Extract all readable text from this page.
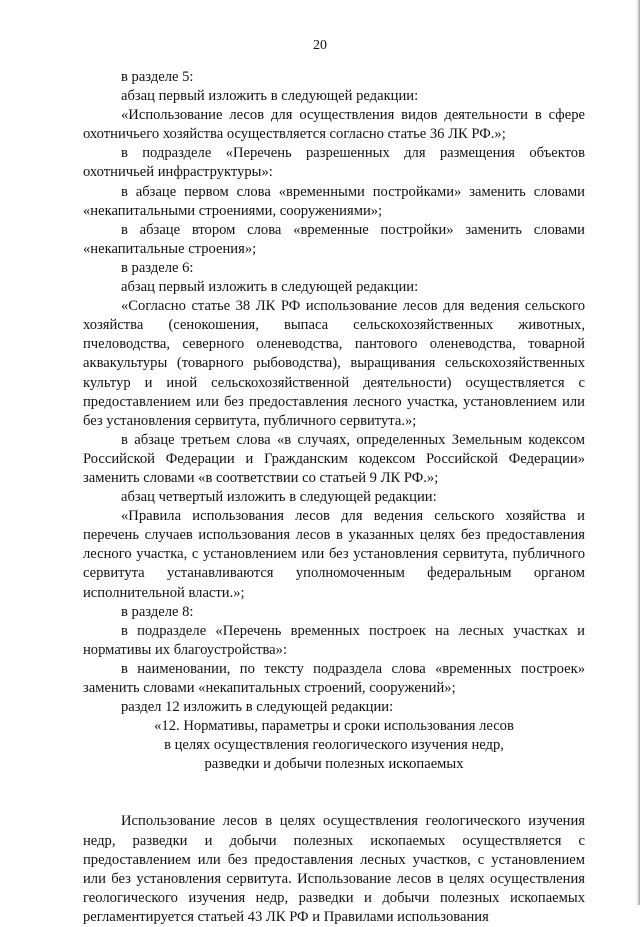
20

в разделе 5:

абзац первый изложить в следующей редакции:

«Использование лесов для осуществления видов деятельности в сфере охотничьего хозяйства осуществляется согласно статье 36 ЛК РФ.»;

в подразделе «Перечень разрешенных для размещения объектов охотничьей инфраструктуры»:

в абзаце первом слова «временными постройками» заменить словами «некапитальными строениями, сооружениями»;

в абзаце втором слова «временные постройки» заменить словами «некапитальные строения»;

в разделе 6:

абзац первый изложить в следующей редакции:

«Согласно статье 38 ЛК РФ использование лесов для ведения сельского хозяйства (сенокошения, выпаса сельскохозяйственных животных, пчеловодства, северного оленеводства, пантового оленеводства, товарной аквакультуры (товарного рыбоводства), выращивания сельскохозяйственных культур и иной сельскохозяйственной деятельности) осуществляется с предоставлением или без предоставления лесного участка, установлением или без установления сервитута, публичного сервитута.»;

в абзаце третьем слова «в случаях, определенных Земельным кодексом Российской Федерации и Гражданским кодексом Российской Федерации» заменить словами «в соответствии со статьей 9 ЛК РФ.»;

абзац четвертый изложить в следующей редакции:

«Правила использования лесов для ведения сельского хозяйства и перечень случаев использования лесов в указанных целях без предоставления лесного участка, с установлением или без установления сервитута, публичного сервитута устанавливаются уполномоченным федеральным органом исполнительной власти.»;

в разделе 8:

в подразделе «Перечень временных построек на лесных участках и нормативы их благоустройства»:

в наименовании, по тексту подраздела слова «временных построек» заменить словами «некапитальных строений, сооружений»;

раздел 12 изложить в следующей редакции:

«12. Нормативы, параметры и сроки использования лесов

в целях осуществления геологического изучения недр,

разведки и добычи полезных ископаемых

Использование лесов в целях осуществления геологического изучения недр, разведки и добычи полезных ископаемых осуществляется с предоставлением или без предоставления лесных участков, с установлением или без установления сервитута. Использование лесов в целях осуществления геологического изучения недр, разведки и добычи полезных ископаемых регламентируется статьей 43 ЛК РФ и Правилами использования
